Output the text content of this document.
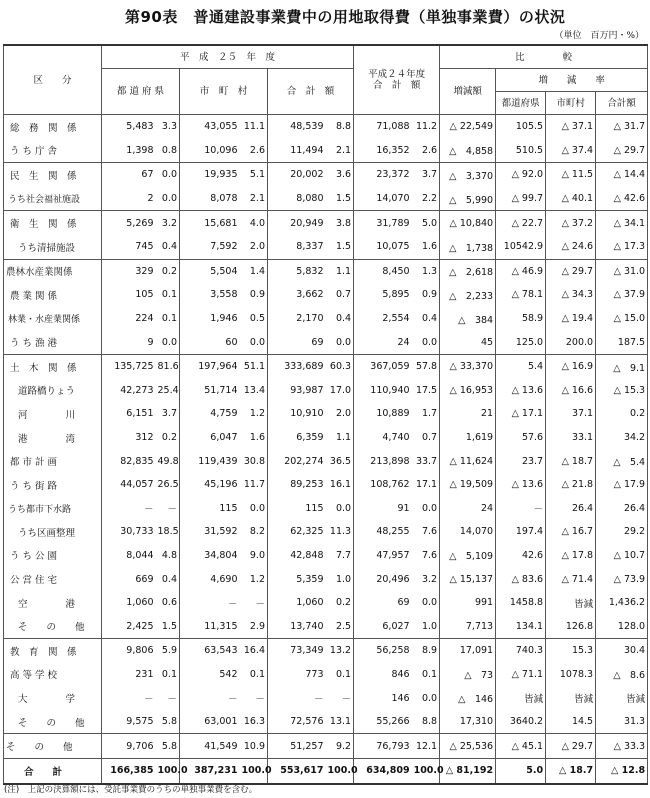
第90表　普通建設事業費中の用地取得費（単独事業費）の状況
（単位　百万円・%）
区　　分	平　成　２５　年　度						平成２４年度
合　計　額		比　　　　較			
	都 道 府 県		市　町　村		合　計　額				増減額	増　　減　　率		
										都道府県	市町村	合計額
総　務　関　係	5,483	3.3	43,055	11.1	48,539	8.8	71,088	11.2	△ 22,549	105.5	△ 37.1	△ 31.7
う ち 庁 舎	1,398	0.8	10,096	2.6	11,494	2.1	16,352	2.6	△　4,858	510.5	△ 37.4	△ 29.7
民　生　関　係	67	0.0	19,935	5.1	20,002	3.6	23,372	3.7	△　3,370	△ 92.0	△ 11.5	△ 14.4
うち社会福祉施設	2	0.0	8,078	2.1	8,080	1.5	14,070	2.2	△　5,990	△ 99.7	△ 40.1	△ 42.6
衛　生　関　係	5,269	3.2	15,681	4.0	20,949	3.8	31,789	5.0	△ 10,840	△ 22.7	△ 37.2	△ 34.1
うち清掃施設	745	0.4	7,592	2.0	8,337	1.5	10,075	1.6	△　1,738	10542.9	△ 24.6	△ 17.3
農林水産業関係	329	0.2	5,504	1.4	5,832	1.1	8,450	1.3	△　2,618	△ 46.9	△ 29.7	△ 31.0
農 業 関 係	105	0.1	3,558	0.9	3,662	0.7	5,895	0.9	△　2,233	△ 78.1	△ 34.3	△ 37.9
林業・水産業関係	224	0.1	1,946	0.5	2,170	0.4	2,554	0.4	△　384	58.9	△ 19.4	△ 15.0
う ち 漁 港	9	0.0	60	0.0	69	0.0	24	0.0	45	125.0	200.0	187.5
土　木　関　係	135,725	81.6	197,964	51.1	333,689	60.3	367,059	57.8	△ 33,370	5.4	△ 16.9	△　9.1
道路橋りょう	42,273	25.4	51,714	13.4	93,987	17.0	110,940	17.5	△ 16,953	△ 13.6	△ 16.6	△ 15.3
河　　　　川	6,151	3.7	4,759	1.2	10,910	2.0	10,889	1.7	21	△ 17.1	37.1	0.2
港　　　　湾	312	0.2	6,047	1.6	6,359	1.1	4,740	0.7	1,619	57.6	33.1	34.2
都 市 計 画	82,835	49.8	119,439	30.8	202,274	36.5	213,898	33.7	△ 11,624	23.7	△ 18.7	△　5.4
う ち 街 路	44,057	26.5	45,196	11.7	89,253	16.1	108,762	17.1	△ 19,509	△ 13.6	△ 21.8	△ 17.9
うち都市下水路	－	－	115	0.0	115	0.0	91	0.0	24	－	26.4	26.4
うち区画整理	30,733	18.5	31,592	8.2	62,325	11.3	48,255	7.6	14,070	197.4	△ 16.7	29.2
う ち 公 園	8,044	4.8	34,804	9.0	42,848	7.7	47,957	7.6	△　5,109	42.6	△ 17.8	△ 10.7
公 営 住 宅	669	0.4	4,690	1.2	5,359	1.0	20,496	3.2	△ 15,137	△ 83.6	△ 71.4	△ 73.9
空　　　　港	1,060	0.6	－	－	1,060	0.2	69	0.0	991	1458.8	皆減	1,436.2
そ　　の　　他	2,425	1.5	11,315	2.9	13,740	2.5	6,027	1.0	7,713	134.1	126.8	128.0
教　育　関　係	9,806	5.9	63,543	16.4	73,349	13.2	56,258	8.9	17,091	740.3	15.3	30.4
高 等 学 校	231	0.1	542	0.1	773	0.1	846	0.1	△　73	△ 71.1	1078.3	△　8.6
大　　　　学	－	－	－	－	－	－	146	0.0	△　146	皆減	皆減	皆減
そ　　の　　他	9,575	5.8	63,001	16.3	72,576	13.1	55,266	8.8	17,310	3640.2	14.5	31.3
そ　　の　　他	9,706	5.8	41,549	10.9	51,257	9.2	76,793	12.1	△ 25,536	△ 45.1	△ 29.7	△ 33.3
合　　計	166,385	100.0	387,231	100.0	553,617	100.0	634,809	100.0	△ 81,192	5.0	△ 18.7	△ 12.8
(注)　上記の決算額には、受託事業費のうちの単独事業費を含む。
